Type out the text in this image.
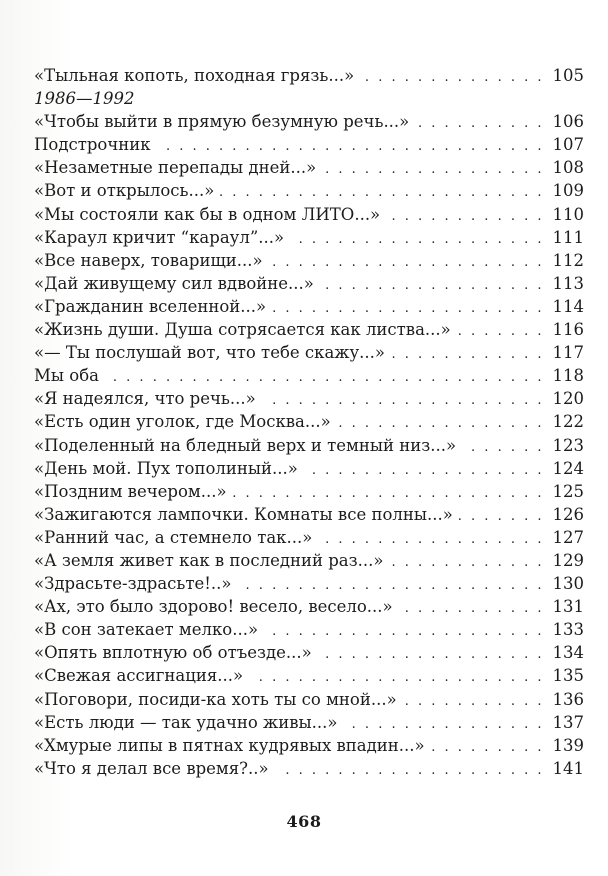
«Тыльная копоть, походная грязь...» . . .	105
1986—1992
«Чтобы выйти в прямую безумную речь...» . . .	106
Подстрочник . . .	107
«Незаметные перепады дней...» . . .	108
«Вот и открылось...» . . .	109
«Мы состояли как бы в одном ЛИТО...» . . .	110
«Караул кричит “караул”...» . . .	111
«Все наверх, товарищи...» . . .	112
«Дай живущему сил вдвойне...» . . .	113
«Гражданин вселенной...» . . .	114
«Жизнь души. Душа сотрясается как листва...» . . .	116
«— Ты послушай вот, что тебе скажу...» . . .	117
Мы оба . . .	118
«Я надеялся, что речь...» . . .	120
«Есть один уголок, где Москва...» . . .	122
«Поделенный на бледный верх и темный низ...» . . .	123
«День мой. Пух тополиный...» . . .	124
«Поздним вечером...» . . .	125
«Зажигаются лампочки. Комнаты все полны...» . . .	126
«Ранний час, а стемнело так...» . . .	127
«А земля живет как в последний раз...» . . .	129
«Здрасьте-здрасьте!..» . . .	130
«Ах, это было здорово! весело, весело...» . . .	131
«В сон затекает мелко...» . . .	133
«Опять вплотную об отъезде...» . . .	134
«Свежая ассигнация...» . . .	135
«Поговори, посиди-ка хоть ты со мной...» . . .	136
«Есть люди — так удачно живы...» . . .	137
«Хмурые липы в пятнах кудрявых впадин...» . . .	139
«Что я делал все время?..» . . .	141
468
